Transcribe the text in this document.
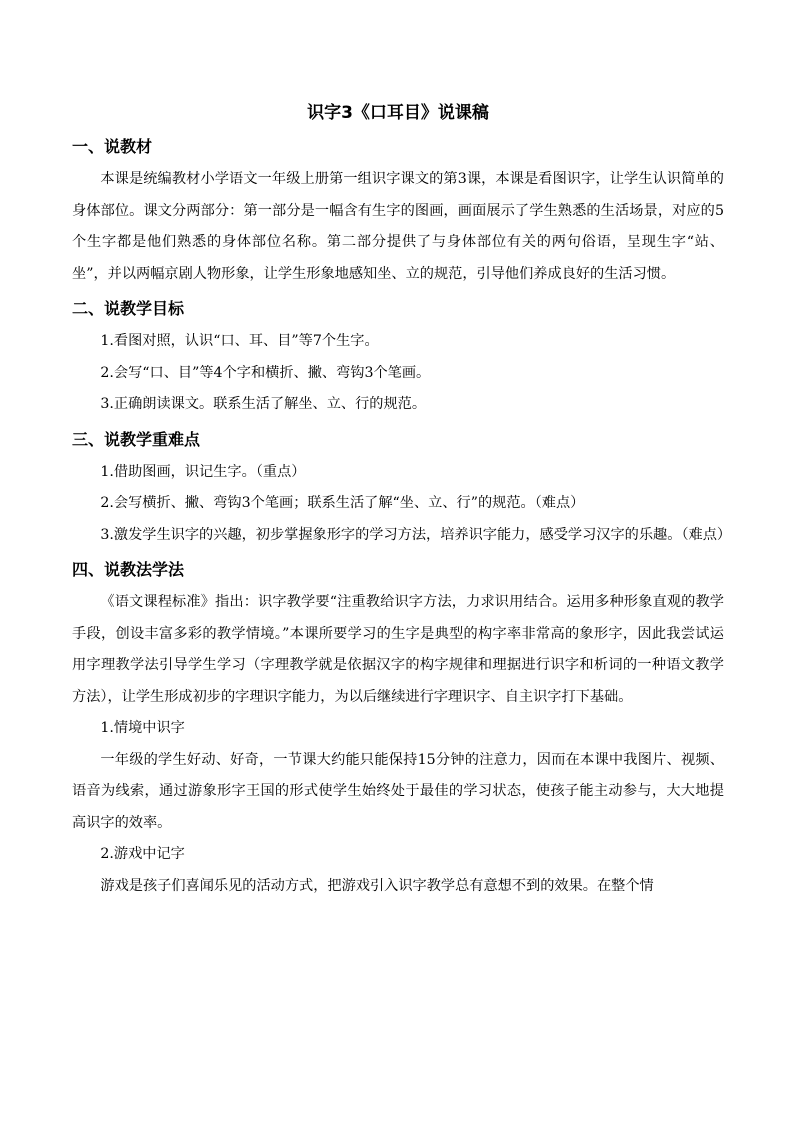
识字3《口耳目》说课稿
一、说教材

本课是统编教材小学语文一年级上册第一组识字课文的第3课，本课是看图识字，让学生认识简单的身体部位。课文分两部分：第一部分是一幅含有生字的图画，画面展示了学生熟悉的生活场景，对应的5个生字都是他们熟悉的身体部位名称。第二部分提供了与身体部位有关的两句俗语，呈现生字“站、坐”，并以两幅京剧人物形象，让学生形象地感知坐、立的规范，引导他们养成良好的生活习惯。

二、说教学目标

1.看图对照，认识“口、耳、目”等7个生字。

2.会写“口、目”等4个字和横折、撇、弯钩3个笔画。

3.正确朗读课文。联系生活了解坐、立、行的规范。

三、说教学重难点

1.借助图画，识记生字。（重点）

2.会写横折、撇、弯钩3个笔画；联系生活了解“坐、立、行”的规范。（难点）

3.激发学生识字的兴趣，初步掌握象形字的学习方法，培养识字能力，感受学习汉字的乐趣。（难点）

四、说教法学法

《语文课程标准》指出：识字教学要“注重教给识字方法，力求识用结合。运用多种形象直观的教学手段，创设丰富多彩的教学情境。”本课所要学习的生字是典型的构字率非常高的象形字，因此我尝试运用字理教学法引导学生学习（字理教学就是依据汉字的构字规律和理据进行识字和析词的一种语文教学方法），让学生形成初步的字理识字能力，为以后继续进行字理识字、自主识字打下基础。

1.情境中识字

一年级的学生好动、好奇，一节课大约能只能保持15分钟的注意力，因而在本课中我图片、视频、语音为线索，通过游象形字王国的形式使学生始终处于最佳的学习状态，使孩子能主动参与，大大地提高识字的效率。

2.游戏中记字

游戏是孩子们喜闻乐见的活动方式，把游戏引入识字教学总有意想不到的效果。在整个情
